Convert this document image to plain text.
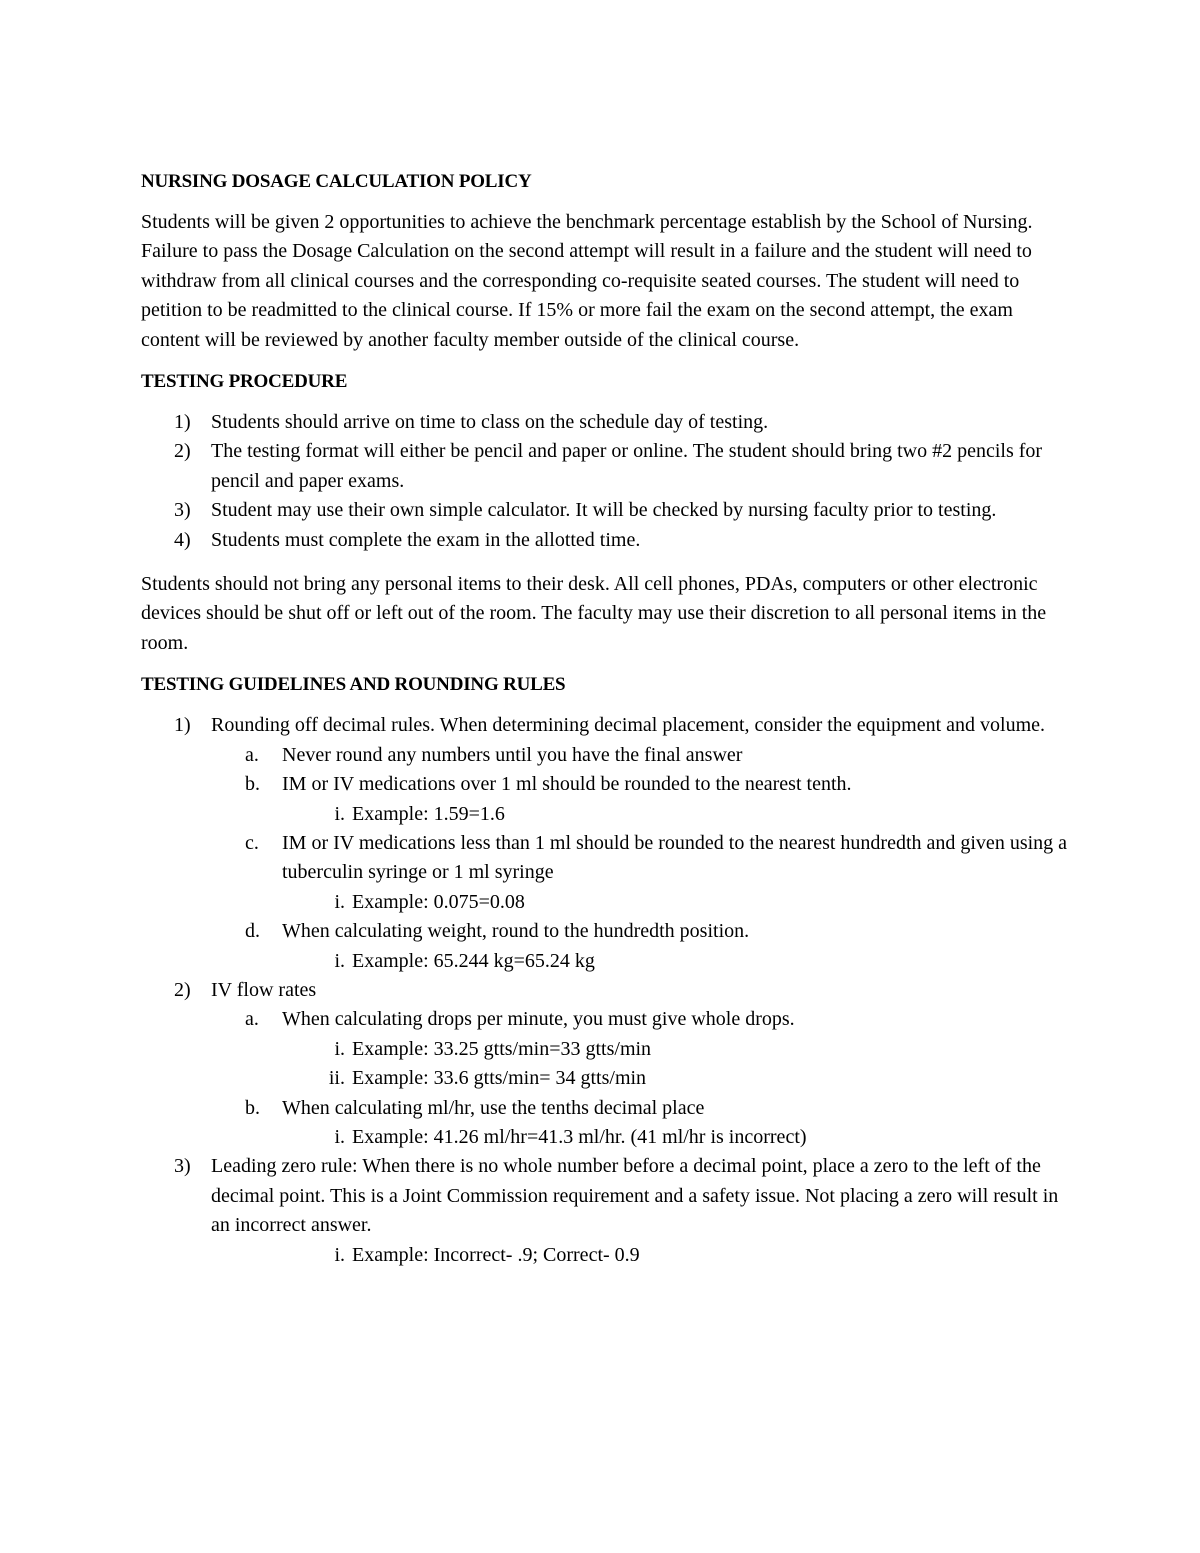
NURSING DOSAGE CALCULATION POLICY

Students will be given 2 opportunities to achieve the benchmark percentage establish by the School of Nursing. Failure to pass the Dosage Calculation on the second attempt will result in a failure and the student will need to withdraw from all clinical courses and the corresponding co-requisite seated courses. The student will need to petition to be readmitted to the clinical course. If 15% or more fail the exam on the second attempt, the exam content will be reviewed by another faculty member outside of the clinical course.

TESTING PROCEDURE
1)	Students should arrive on time to class on the schedule day of testing.
2)	The testing format will either be pencil and paper or online. The student should bring two #2 pencils for pencil and paper exams.
3)	Student may use their own simple calculator. It will be checked by nursing faculty prior to testing.
4)	Students must complete the exam in the allotted time.

Students should not bring any personal items to their desk. All cell phones, PDAs, computers or other electronic devices should be shut off or left out of the room. The faculty may use their discretion to all personal items in the room.

TESTING GUIDELINES AND ROUNDING RULES
1)	Rounding off decimal rules. When determining decimal placement, consider the equipment and volume.
a.	Never round any numbers until you have the final answer
b.	IM or IV medications over 1 ml should be rounded to the nearest tenth.
i. Example: 1.59=1.6
c.	IM or IV medications less than 1 ml should be rounded to the nearest hundredth and given using a tuberculin syringe or 1 ml syringe
i. Example: 0.075=0.08
d.	When calculating weight, round to the hundredth position.
i. Example: 65.244 kg=65.24 kg
2)	IV flow rates
a.	When calculating drops per minute, you must give whole drops.
i. Example: 33.25 gtts/min=33 gtts/min
ii. Example: 33.6 gtts/min= 34 gtts/min
b.	When calculating ml/hr, use the tenths decimal place
i. Example: 41.26 ml/hr=41.3 ml/hr. (41 ml/hr is incorrect)
3)	Leading zero rule: When there is no whole number before a decimal point, place a zero to the left of the decimal point. This is a Joint Commission requirement and a safety issue. Not placing a zero will result in an incorrect answer.
i. Example: Incorrect- .9; Correct- 0.9
